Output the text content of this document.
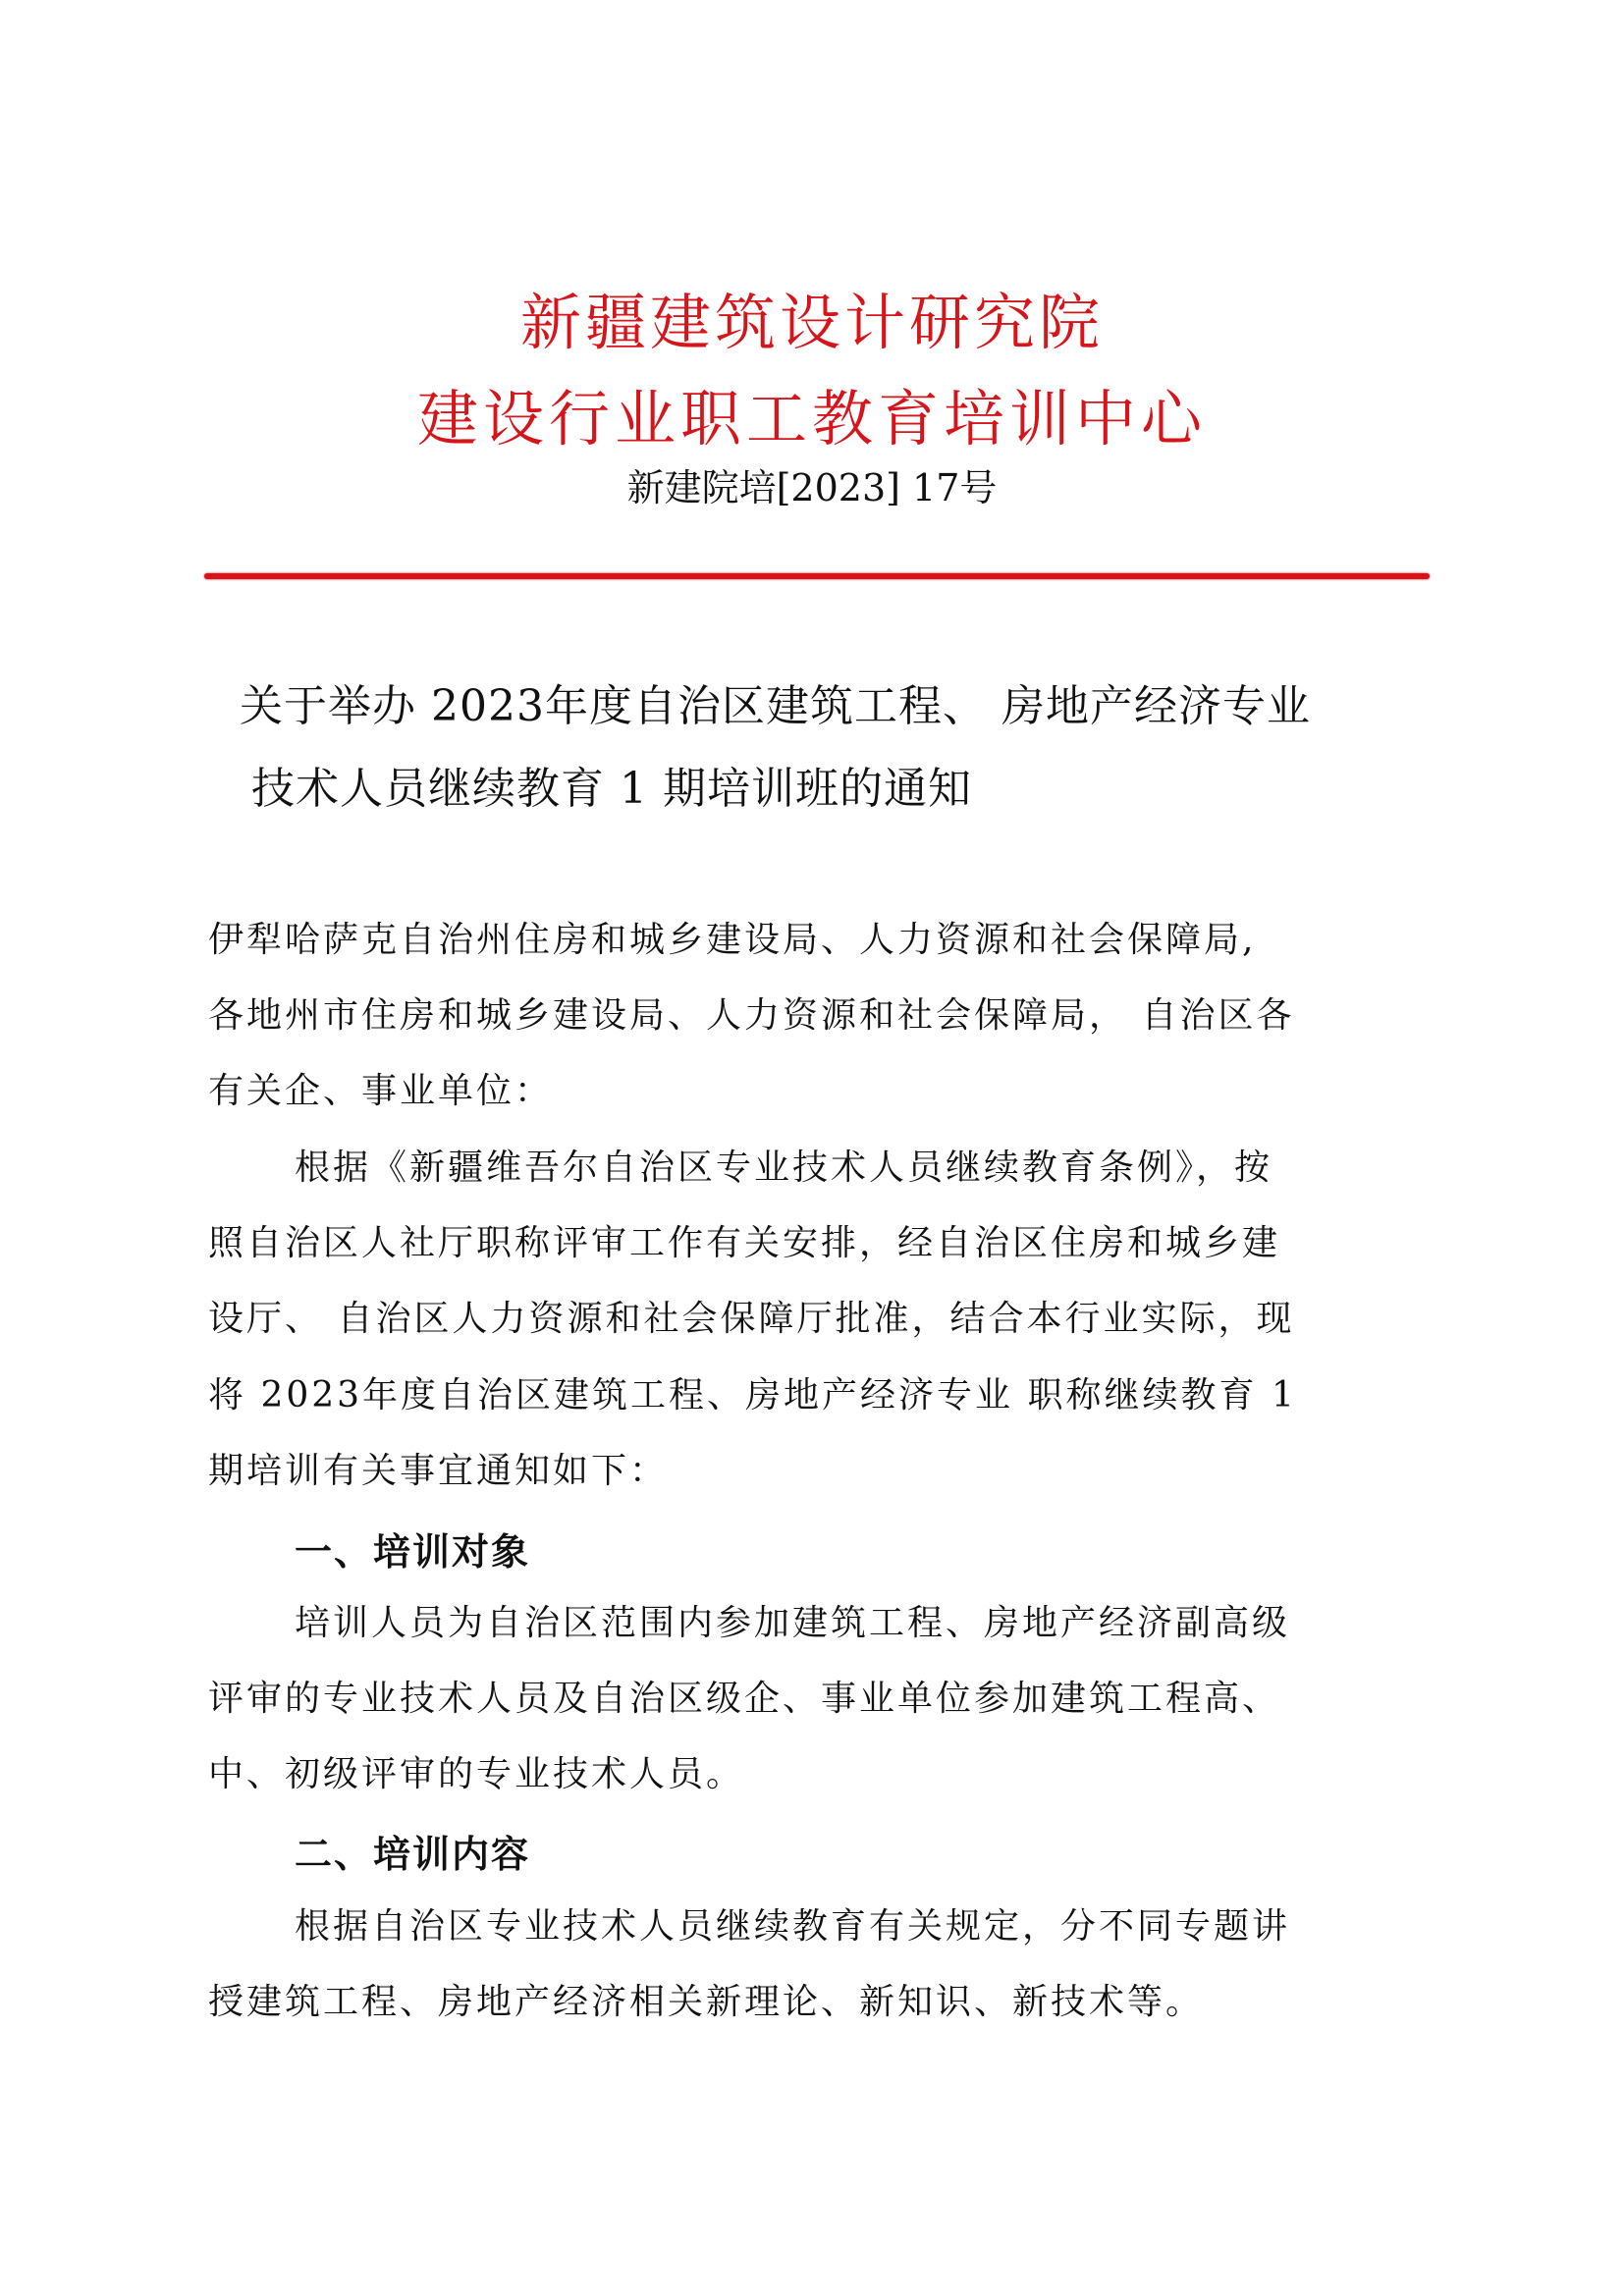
新疆建筑设计研究院
建设行业职工教育培训中心
新建院培[2023] 17号
关于举办 2023年度自治区建筑工程、 房地产经济专业
技术人员继续教育 1 期培训班的通知
伊犁哈萨克自治州住房和城乡建设局、人力资源和社会保障局,
各地州市住房和城乡建设局、人力资源和社会保障局， 自治区各
有关企、事业单位：
根据《新疆维吾尔自治区专业技术人员继续教育条例》，按
照自治区人社厅职称评审工作有关安排，经自治区住房和城乡建
设厅、 自治区人力资源和社会保障厅批准，结合本行业实际，现
将 2023年度自治区建筑工程、房地产经济专业 职称继续教育 1
期培训有关事宜通知如下：
一、培训对象
培训人员为自治区范围内参加建筑工程、房地产经济副高级
评审的专业技术人员及自治区级企、事业单位参加建筑工程高、
中、初级评审的专业技术人员。
二、培训内容
根据自治区专业技术人员继续教育有关规定，分不同专题讲
授建筑工程、房地产经济相关新理论、新知识、新技术等。
